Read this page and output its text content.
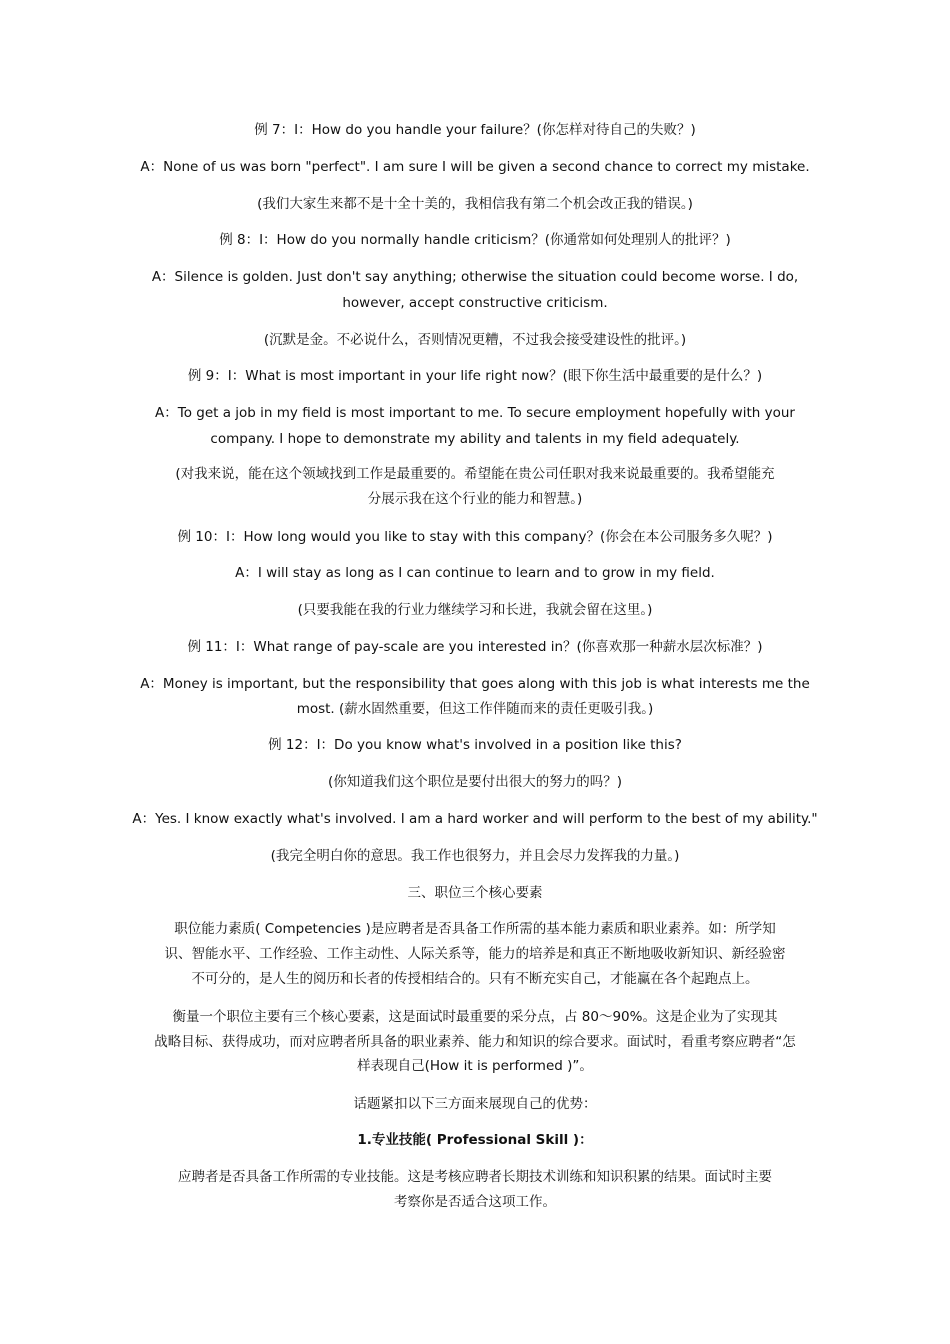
例 7：I：How do you handle your failure？(你怎样对待自己的失败？)
A：None of us was born "perfect". I am sure I will be given a second chance to correct my mistake.
(我们大家生来都不是十全十美的，我相信我有第二个机会改正我的错误。)
例 8：I：How do you normally handle criticism？(你通常如何处理别人的批评？)
A：Silence is golden. Just don't say anything; otherwise the situation could become worse. I do,
however, accept constructive criticism.
(沉默是金。不必说什么，否则情况更糟，不过我会接受建设性的批评。)
例 9：I：What is most important in your life right now？(眼下你生活中最重要的是什么？)
A：To get a job in my field is most important to me. To secure employment hopefully with your
company. I hope to demonstrate my ability and talents in my field adequately.
(对我来说，能在这个领域找到工作是最重要的。希望能在贵公司任职对我来说最重要的。我希望能充
分展示我在这个行业的能力和智慧。)
例 10：I：How long would you like to stay with this company？(你会在本公司服务多久呢？)
A：I will stay as long as I can continue to learn and to grow in my field.
(只要我能在我的行业力继续学习和长进，我就会留在这里。)
例 11：I：What range of pay-scale are you interested in？(你喜欢那一种薪水层次标准？)
A：Money is important, but the responsibility that goes along with this job is what interests me the
most. (薪水固然重要，但这工作伴随而来的责任更吸引我。)
例 12：I：Do you know what's involved in a position like this?
(你知道我们这个职位是要付出很大的努力的吗？)
A：Yes. I know exactly what's involved. I am a hard worker and will perform to the best of my ability."
(我完全明白你的意思。我工作也很努力，并且会尽力发挥我的力量。)
三、职位三个核心要素
职位能力素质( Competencies )是应聘者是否具备工作所需的基本能力素质和职业素养。如：所学知
识、智能水平、工作经验、工作主动性、人际关系等，能力的培养是和真正不断地吸收新知识、新经验密
不可分的，是人生的阅历和长者的传授相结合的。只有不断充实自己，才能赢在各个起跑点上。
衡量一个职位主要有三个核心要素，这是面试时最重要的采分点，占 80～90%。这是企业为了实现其
战略目标、获得成功，而对应聘者所具备的职业素养、能力和知识的综合要求。面试时，看重考察应聘者“怎
样表现自己(How it is performed )”。
话题紧扣以下三方面来展现自己的优势：
1.专业技能( Professional Skill )：
应聘者是否具备工作所需的专业技能。这是考核应聘者长期技术训练和知识积累的结果。面试时主要
考察你是否适合这项工作。
